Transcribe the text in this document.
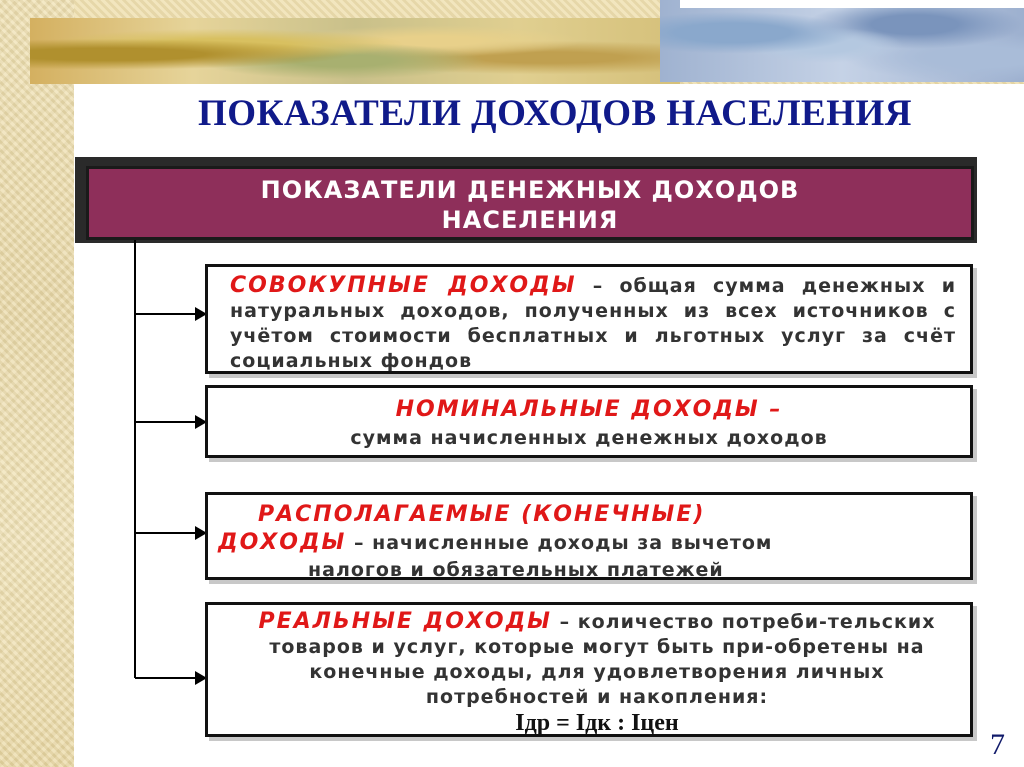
ПОКАЗАТЕЛИ ДОХОДОВ НАСЕЛЕНИЯ
ПОКАЗАТЕЛИ ДЕНЕЖНЫХ ДОХОДОВ
НАСЕЛЕНИЯ
СОВОКУПНЫЕ ДОХОДЫ – общая сумма денежных и натуральных доходов, полученных из всех источников с учётом стоимости бесплатных и льготных услуг за счёт социальных фондов
НОМИНАЛЬНЫЕ ДОХОДЫ –
сумма начисленных денежных доходов
РАСПОЛАГАЕМЫЕ (КОНЕЧНЫЕ)
ДОХОДЫ – начисленные доходы за вычетом
налогов и обязательных платежей
РЕАЛЬНЫЕ ДОХОДЫ – количество потреби-тельских товаров и услуг, которые могут быть при-обретены на конечные доходы, для удовлетворения личных потребностей и накопления:
Iдр = Iдк : Iцен
7
